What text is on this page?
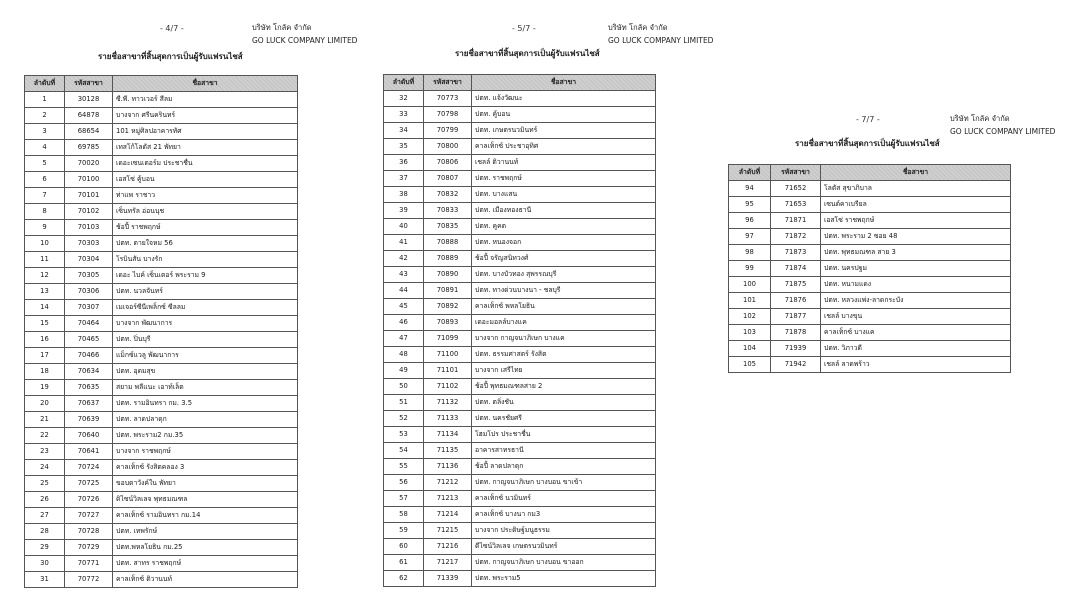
- 4/7 -	บริษัท โกลัค จำกัด
GO LUCK COMPANY LIMITED
รายชื่อสาขาที่สิ้นสุดการเป็นผู้รับแฟรนไชส์
ลำดับที่	รหัสสาขา	ชื่อสาขา
1	30128	ซี.พี. ทาวเวอร์ สีลม
2	64878	บางจาก ศรีนครินทร์
3	68654	101 หมู่ศิลปอาคารทัศ
4	69785	เทสโก้โลตัส 21 พัทยา
5	70020	เดอะเซนเตอร์ม ประชาชื่น
6	70100	เอสโซ่ คู้บอน
7	70101	ท่าแพ ราชาว
8	70102	เซ็นทรัล อ่อนนุช
9	70103	ช้อปี้ ราชพฤกษ์
10	70303	ปตท. ตายใจหม 56
11	70304	โรบินสัน บางรัก
12	70305	เดอะ ไบค์ เซ็นเตอร์ พระราม 9
13	70306	ปตท. นวลจันทร์
14	70307	เมเจอร์ซีนีเพล็กซ์ ซีลลม
15	70464	บางจาก พัฒนาการ
16	70465	ปตท. ปิ่นบุรี
17	70466	แม็กซ์แวลู พัฒนาการ
18	70634	ปตท. อุดมสุข
19	70635	สยาม พลีแนะ เอาท์เล็ต
20	70637	ปตท. รามอินทรา กม. 3.5
21	70639	ปตท. ลาดปลาดุก
22	70640	ปตท. พระราม2 กม.35
23	70641	บางจาก ราชพฤกษ์
24	70724	คาลเท็กซ์ รังสิตคลอง 3
25	70725	ขอบตาวังค์ใน พัทยา
26	70726	ดิไซน์วิลเลจ พุทธมณฑล
27	70727	คาลเท็กซ์ รามอินทรา กม.14
28	70728	ปตท. เทพรักษ์
29	70729	ปตท.พหลโยธิน กม.25
30	70771	ปตท. สาทร ราชพฤกษ์
31	70772	คาลเท็กซ์ ติวานนท์
- 5/7 -	บริษัท โกลัค จำกัด
GO LUCK COMPANY LIMITED
รายชื่อสาขาที่สิ้นสุดการเป็นผู้รับแฟรนไชส์
ลำดับที่	รหัสสาขา	ชื่อสาขา
32	70773	ปตท. แจ้งวัฒนะ
33	70798	ปตท. คู้บอน
34	70799	ปตท. เกษตรนวมินทร์
35	70800	คาลเท็กซ์ ประชาอุทิศ
36	70806	เชลล์ ติวานนท์
37	70807	ปตท. ราชพฤกษ์
38	70832	ปตท. บางแสน
39	70833	ปตท. เมืองทองธานี
40	70835	ปตท. คูคต
41	70888	ปตท. หนองจอก
42	70889	ช้อปี้ จรัญสนิทวงศ์
43	70890	ปตท. บางบัวทอง สุพรรณบุรี
44	70891	ปตท. ทางด่วนบางนา - ชลบุรี
45	70892	คาลเท็กซ์ พหลโยธิน
46	70893	เดอะมอลล์บางแค
47	71099	บางจาก กาญจนาภิเษก บางแค
48	71100	ปตท. ธรรมศาสตร์ รังสิต
49	71101	บางจาก เสรีไทย
50	71102	ช้อปี้ พุทธมณฑลสาย 2
51	71132	ปตท. ตลิ่งชัน
52	71133	ปตท. นครชัยศรี
53	71134	โฮมโปร ประชาชื่น
54	71135	อาคารสาทรธานี
55	71136	ช้อปี้ ลาดปลาดุก
56	71212	ปตท. กาญจนาภิเษก บางบอน ขาเข้า
57	71213	คาลเท็กซ์ นวมินทร์
58	71214	คาลเท็กซ์ บางนา กม3
59	71215	บางจาก ประดิษฐ์มนูธรรม
60	71216	ดีไซน์วิลเลจ เกษตรนวมินทร์
61	71217	ปตท. กาญจนาภิเษก บางบอน ขาออก
62	71339	ปตท. พระราม5
- 7/7 -	บริษัท โกลัค จำกัด
GO LUCK COMPANY LIMITED
รายชื่อสาขาที่สิ้นสุดการเป็นผู้รับแฟรนไชส์
ลำดับที่	รหัสสาขา	ชื่อสาขา
94	71652	โลตัส สุขาภิบาล
95	71653	เซนต์คาเบรียล
96	71871	เอสโซ่ ราชพฤกษ์
97	71872	ปตท. พระราม 2 ซอย 48
98	71873	ปตท. พุทธมณฑล สาย 3
99	71874	ปตท. นครปฐม
100	71875	ปตท. หนามแดง
101	71876	ปตท. หลวงแพ่ง-ลาดกระบัง
102	71877	เชลล์ บางขุน
103	71878	คาลเท็กซ์ บางแค
104	71939	ปตท. วิภาวดี
105	71942	เชลล์ ลาดพร้าว
